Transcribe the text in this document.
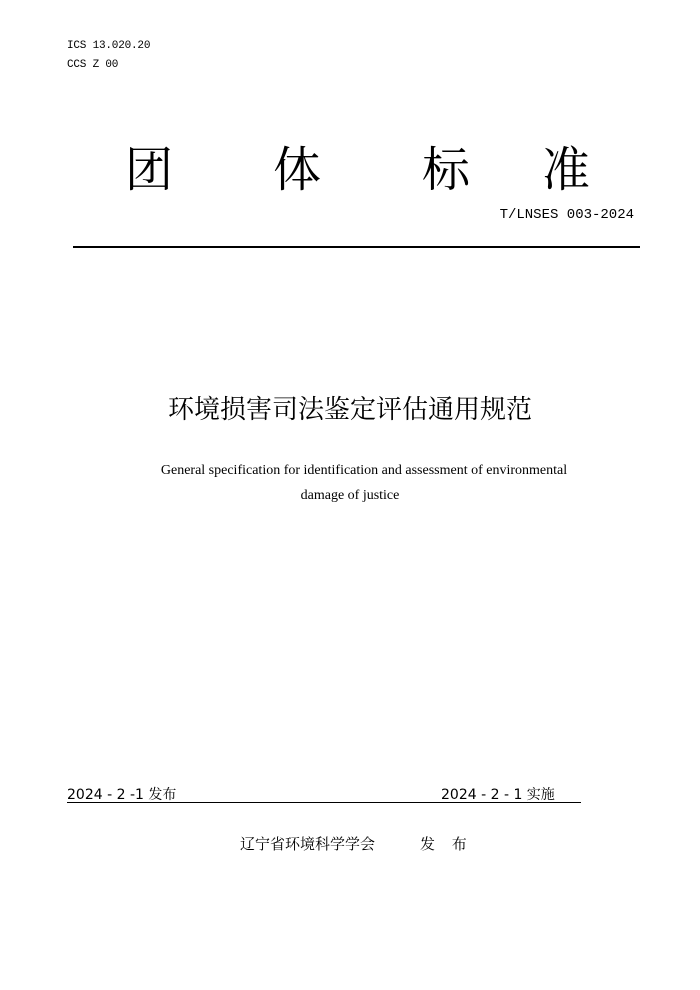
ICS 13.020.20
CCS Z 00
团 体 标 准
T/LNSES 003-2024
环境损害司法鉴定评估通用规范
General specification for identification and assessment of environmental
damage of justice
2024 - 2 -1 发布	2024 - 2 - 1 实施
辽宁省环境科学学会	发 布
